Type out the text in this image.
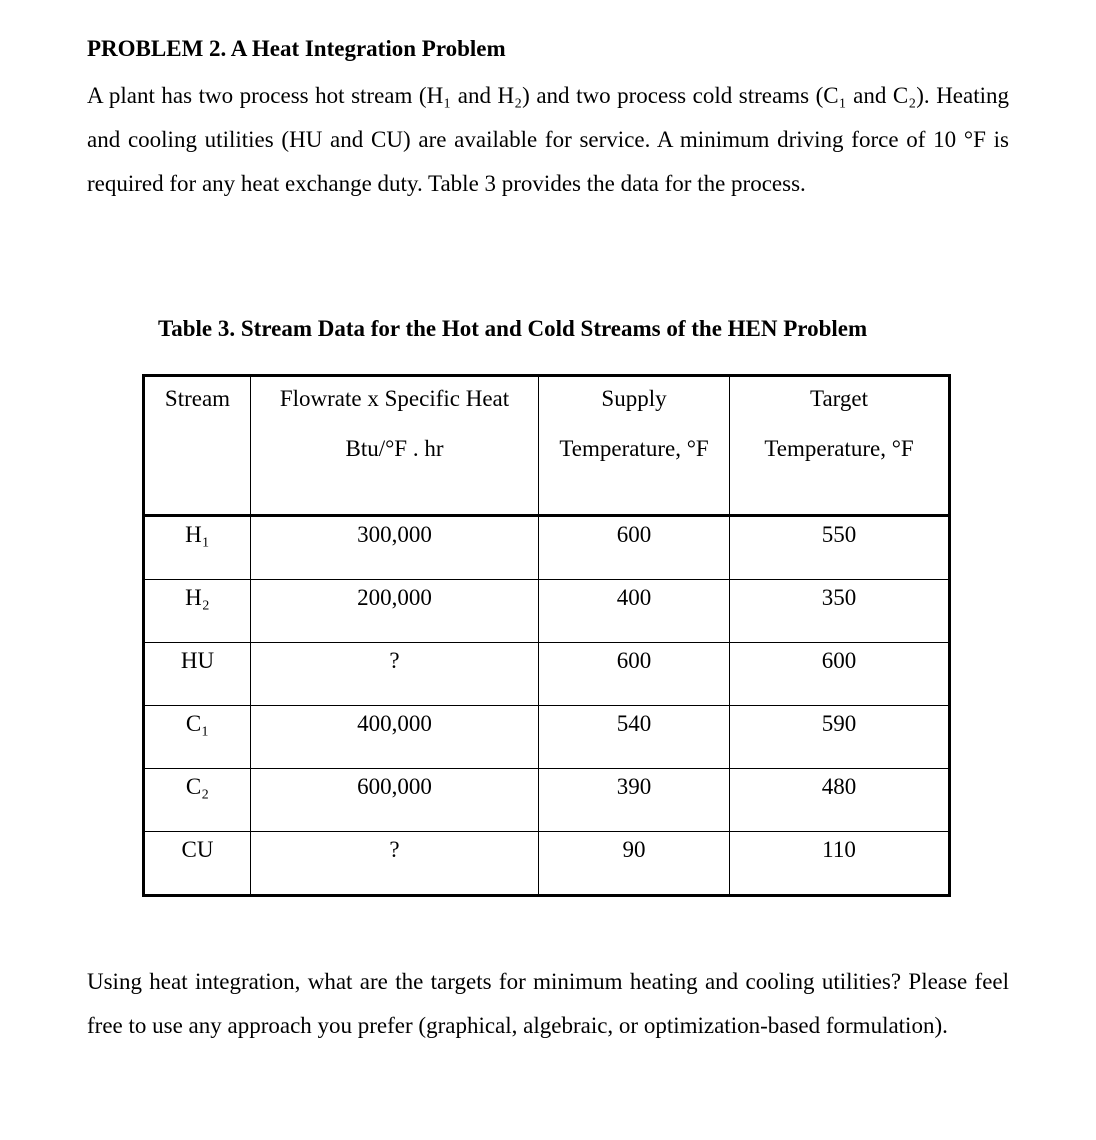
PROBLEM 2. A Heat Integration Problem

A plant has two process hot stream (H₁ and H₂) and two process cold streams (C₁ and C₂). Heating and cooling utilities (HU and CU) are available for service. A minimum driving force of 10 °F is required for any heat exchange duty. Table 3 provides the data for the process.

Table 3. Stream Data for the Hot and Cold Streams of the HEN Problem

Stream	Flowrate x Specific Heat	Supply	Target
	Btu/°F . hr	Temperature, °F	Temperature, °F
H₁	300,000	600	550
H₂	200,000	400	350
HU	?	600	600
C₁	400,000	540	590
C₂	600,000	390	480
CU	?	90	110

Using heat integration, what are the targets for minimum heating and cooling utilities? Please feel free to use any approach you prefer (graphical, algebraic, or optimization-based formulation).
